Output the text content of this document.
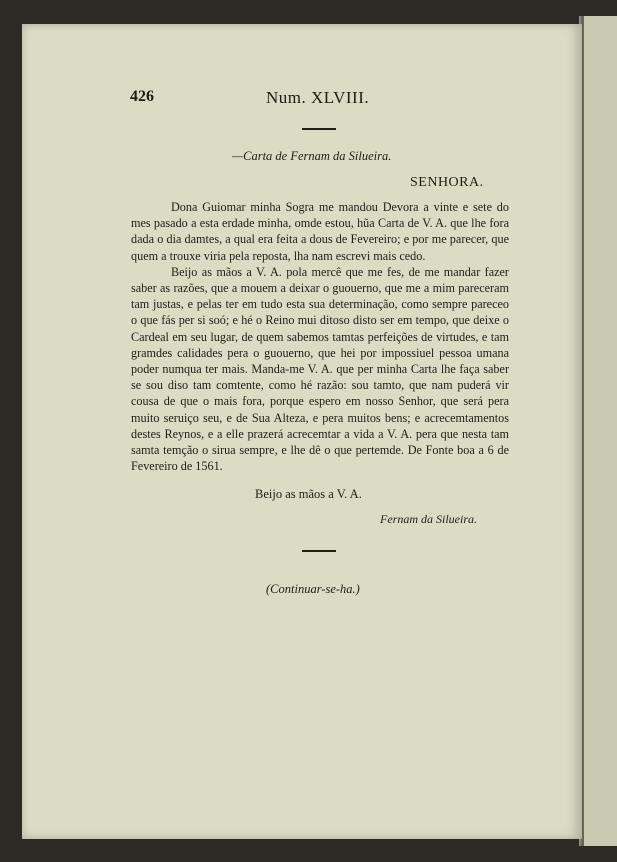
426	Num. XLVIII.
—Carta de Fernam da Silueira.
SENHORA.

Dona Guiomar minha Sogra me mandou Devora a vinte e sete do mes pasado a esta erdade minha, omde estou, hũa Carta de V. A. que lhe fora dada o dia damtes, a qual era feita a dous de Fevereiro; e por me parecer, que quem a trouxe viria pela reposta, lha nam escrevi mais cedo.

Beijo as mãos a V. A. pola mercê que me fes, de me mandar fazer saber as razões, que a mouem a deixar o guouerno, que me a mim pareceram tam justas, e pelas ter em tudo esta sua determinação, como sempre pareceo o que fás per si soó; e hé o Reino mui ditoso disto ser em tempo, que deixe o Cardeal em seu lugar, de quem sabemos tamtas perfeições de virtudes, e tam gramdes calidades pera o guouerno, que hei por impossiuel pessoa umana poder numqua ter mais. Manda-me V. A. que per minha Carta lhe faça saber se sou diso tam comtente, como hé razão: sou tamto, que nam puderá vir cousa de que o mais fora, porque espero em nosso Senhor, que será pera muito seruiço seu, e de Sua Alteza, e pera muitos bens; e acrecemtamentos destes Reynos, e a elle prazerá acrecemtar a vida a V. A. pera que nesta tam samta temção o sirua sempre, e lhe dê o que pertemde. De Fonte boa a 6 de Fevereiro de 1561.

Beijo as mãos a V. A.
Fernam da Silueira.
(Continuar-se-ha.)
